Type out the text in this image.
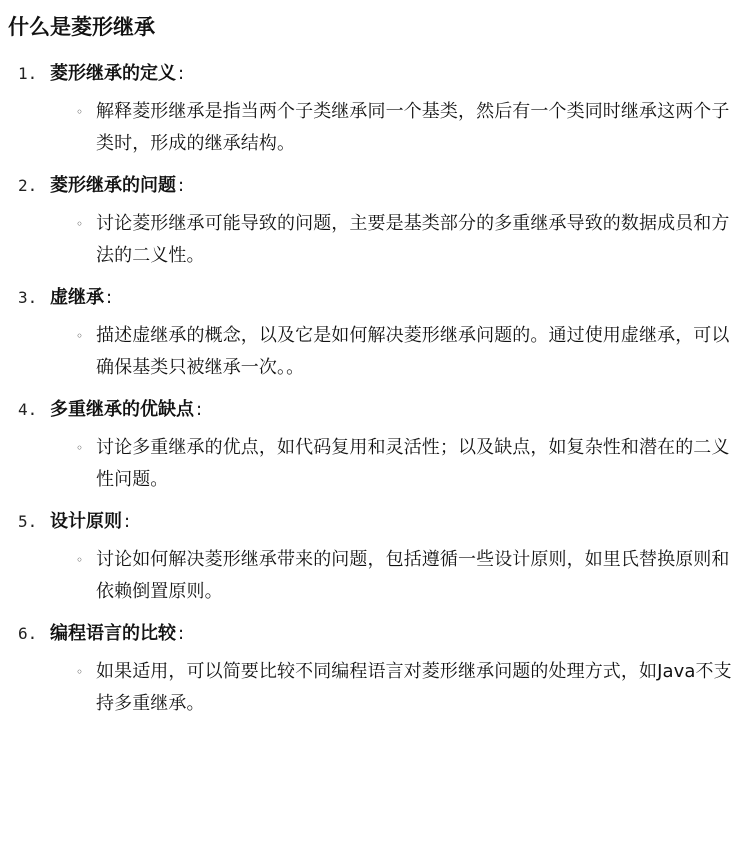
什么是菱形继承
1. 菱形继承的定义 :
◦ 解释菱形继承是指当两个子类继承同一个基类，然后有一个类同时继承这两个子类时，形成的继承结构。
2. 菱形继承的问题 :
◦ 讨论菱形继承可能导致的问题，主要是基类部分的多重继承导致的数据成员和方法的二义性。
3. 虚继承 :
◦ 描述虚继承的概念，以及它是如何解决菱形继承问题的。通过使用虚继承，可以确保基类只被继承一次。。
4. 多重继承的优缺点 :
◦ 讨论多重继承的优点，如代码复用和灵活性；以及缺点，如复杂性和潜在的二义性问题。
5. 设计原则 :
◦ 讨论如何解决菱形继承带来的问题，包括遵循一些设计原则，如里氏替换原则和依赖倒置原则。
6. 编程语言的比较 :
◦ 如果适用，可以简要比较不同编程语言对菱形继承问题的处理方式，如Java不支持多重继承。
